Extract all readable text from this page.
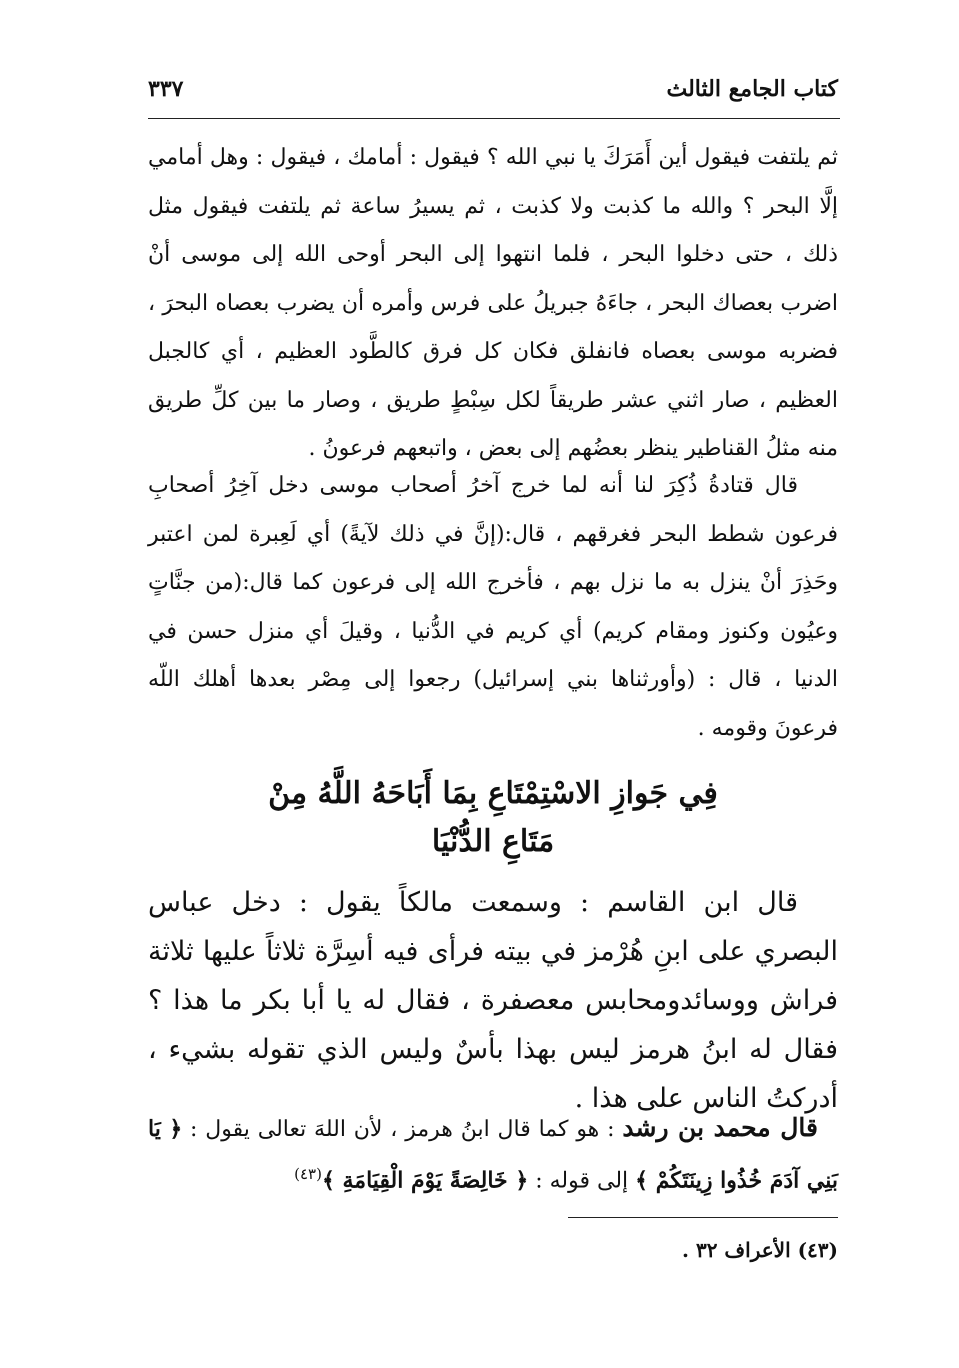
كتاب الجامع الثالث
٣٣٧

ثم يلتفت فيقول أين أَمَرَكَ يا نبي الله ؟ فيقول : أمامك ، فيقول : وهل أمامي إلَّا البحر ؟ والله ما كذبت ولا كذبت ، ثم يسيرُ ساعة ثم يلتفت فيقول مثل ذلك ، حتى دخلوا البحر ، فلما انتهوا إلى البحر أوحى الله إلى موسى أنْ اضرب بعصاك البحر ، جاءَهُ جبريلُ على فرس وأمره أن يضرب بعصاه البحرَ ، فضربه موسى بعصاه فانفلق فكان كل فرق كالطَّود العظيم ، أي كالجبل العظيم ، صار اثني عشر طريقاً لكل سِبْطٍ طريق ، وصار ما بين كلِّ طريق منه مثلُ القناطير ينظر بعضُهم إلى بعض ، واتبعهم فرعونُ .

قال قتادةُ ذُكِرَ لنا أنه لما خرج آخرُ أصحاب موسى دخل آخِرُ أصحابِ فرعون شطط البحر فغرقهم ، قال:(إنَّ في ذلك لآيةً) أي لَعِبرة لمن اعتبر وحَذِرَ أنْ ينزل به ما نزل بهم ، فأخرج الله إلى فرعون كما قال:(من جنَّاتٍ وعيُون وكنوز ومقام كريم) أي كريم في الدُّنيا ، وقيلَ أي منزل حسن في الدنيا ، قال : (وأورثناها بني إسرائيل) رجعوا إلى مِصْر بعدها أهلك اللّه فرعونَ وقومه .

فِي جَوازِ الاسْتِمْتَاعِ بِمَا أَبَاحَهُ اللَّهُ مِنْ
مَتَاعِ الدُّنْيَا

قال ابن القاسم : وسمعت مالكاً يقول : دخل عباس البصري على ابنِ هُرْمز في بيته فرأى فيه أسِرَّة ثلاثاً عليها ثلاثة فراش ووسائدومحابس معصفرة ، فقال له يا أبا بكر ما هذا ؟ فقال له ابنُ هرمز ليس بهذا بأسٌ وليس الذي تقوله بشيء ، أدركتُ الناس على هذا .

قال محمد بن رشد : هو كما قال ابنُ هرمز ، لأن اللهَ تعالى يقول : ﴿ يَا بَنِي آدَمَ خُذُوا زِينَتَكُمْ ﴾ إلى قوله : ﴿ خَالِصَةً يَوْمَ الْقِيَامَةِ ﴾$^{(٤٣)}$

(٤٣) الأعراف ٣٢ .
